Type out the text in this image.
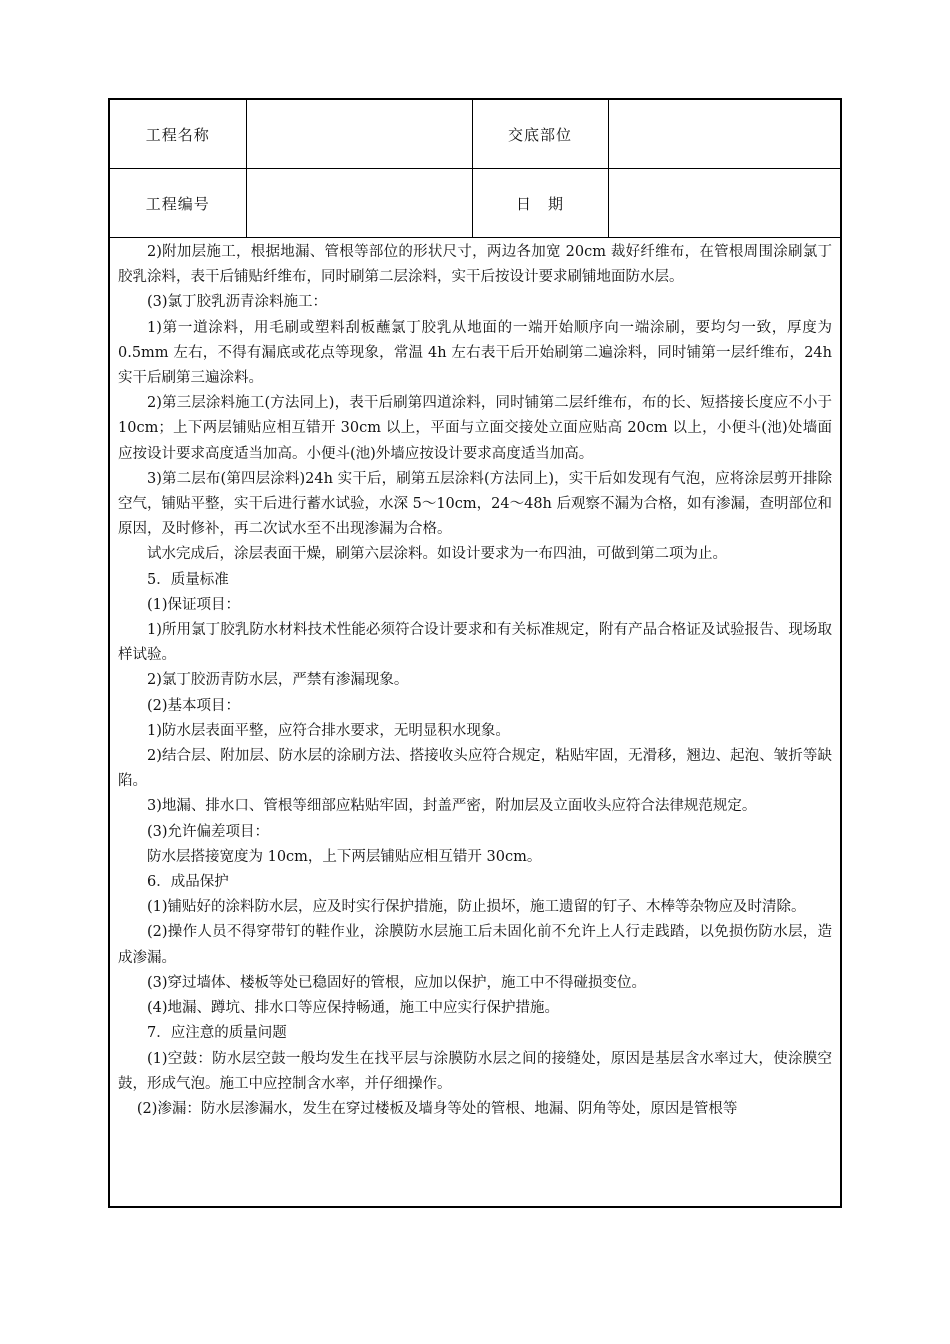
工程名称		交底部位	
工程编号		日　期	

2)附加层施工，根据地漏、管根等部位的形状尺寸，两边各加宽 20cm 裁好纤维布，在管根周围涂刷氯丁胶乳涂料，表干后铺贴纤维布，同时刷第二层涂料，实干后按设计要求刷铺地面防水层。

(3)氯丁胶乳沥青涂料施工：

1)第一道涂料，用毛刷或塑料刮板蘸氯丁胶乳从地面的一端开始顺序向一端涂刷，要均匀一致，厚度为 0.5mm 左右，不得有漏底或花点等现象，常温 4h 左右表干后开始刷第二遍涂料，同时铺第一层纤维布，24h 实干后刷第三遍涂料。

2)第三层涂料施工(方法同上)，表干后刷第四道涂料，同时铺第二层纤维布，布的长、短搭接长度应不小于 10cm；上下两层铺贴应相互错开 30cm 以上，平面与立面交接处立面应贴高 20cm 以上，小便斗(池)处墙面应按设计要求高度适当加高。小便斗(池)外墙应按设计要求高度适当加高。

3)第二层布(第四层涂料)24h 实干后，刷第五层涂料(方法同上)，实干后如发现有气泡，应将涂层剪开排除空气，铺贴平整，实干后进行蓄水试验，水深 5～10cm，24～48h 后观察不漏为合格，如有渗漏，查明部位和原因，及时修补，再二次试水至不出现渗漏为合格。

试水完成后，涂层表面干燥，刷第六层涂料。如设计要求为一布四油，可做到第二项为止。

5．质量标准

(1)保证项目：

1)所用氯丁胶乳防水材料技术性能必须符合设计要求和有关标准规定，附有产品合格证及试验报告、现场取样试验。

2)氯丁胶沥青防水层，严禁有渗漏现象。

(2)基本项目：

1)防水层表面平整，应符合排水要求，无明显积水现象。

2)结合层、附加层、防水层的涂刷方法、搭接收头应符合规定，粘贴牢固，无滑移，翘边、起泡、皱折等缺陷。

3)地漏、排水口、管根等细部应粘贴牢固，封盖严密，附加层及立面收头应符合法律规范规定。

(3)允许偏差项目：

防水层搭接宽度为 10cm，上下两层铺贴应相互错开 30cm。

6．成品保护

(1)铺贴好的涂料防水层，应及时实行保护措施，防止损坏，施工遗留的钉子、木棒等杂物应及时清除。

(2)操作人员不得穿带钉的鞋作业，涂膜防水层施工后未固化前不允许上人行走践踏，以免损伤防水层，造成渗漏。

(3)穿过墙体、楼板等处已稳固好的管根，应加以保护，施工中不得碰损变位。

(4)地漏、蹲坑、排水口等应保持畅通，施工中应实行保护措施。

7．应注意的质量问题

(1)空鼓：防水层空鼓一般均发生在找平层与涂膜防水层之间的接缝处，原因是基层含水率过大，使涂膜空鼓，形成气泡。施工中应控制含水率，并仔细操作。

(2)渗漏：防水层渗漏水，发生在穿过楼板及墙身等处的管根、地漏、阴角等处，原因是管根等
